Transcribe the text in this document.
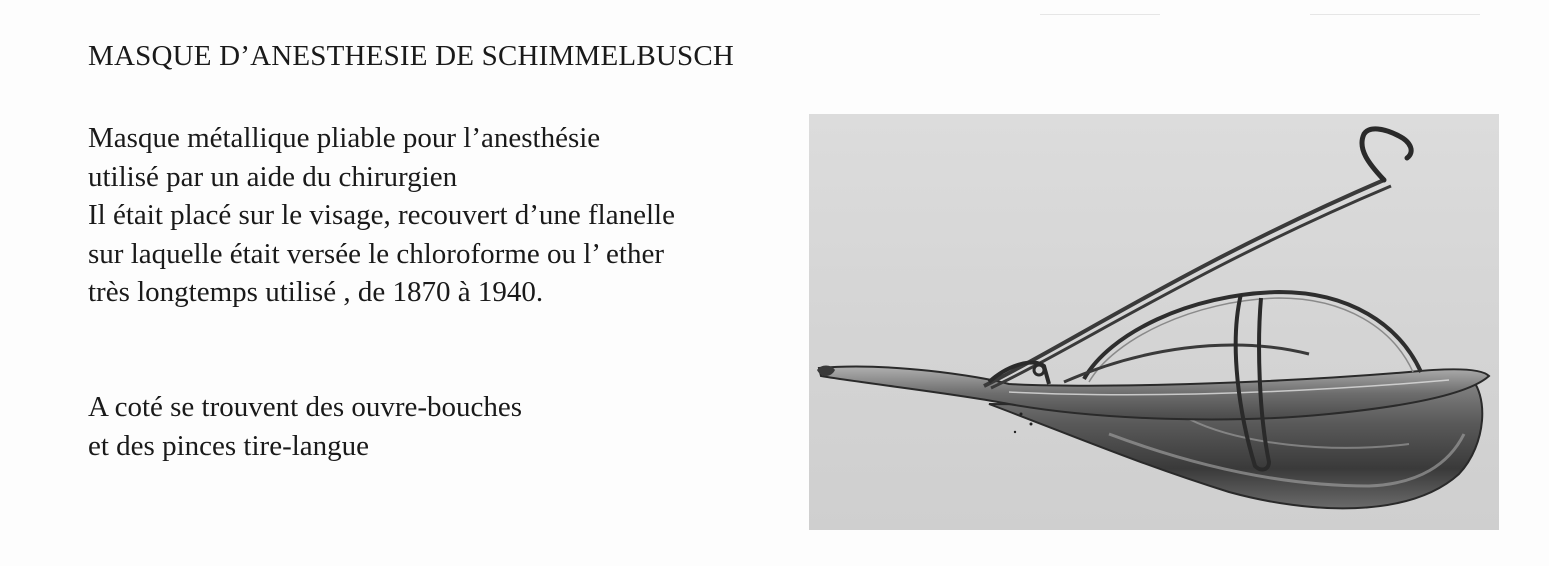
MASQUE D’ANESTHESIE DE SCHIMMELBUSCH
Masque métallique pliable pour l’anesthésie
utilisé par un aide du chirurgien
Il était placé sur le visage, recouvert d’une flanelle
sur laquelle était versée le chloroforme ou l’ ether
très longtemps utilisé , de 1870 à 1940.
A coté se trouvent des ouvre-bouches
et des pinces tire-langue
